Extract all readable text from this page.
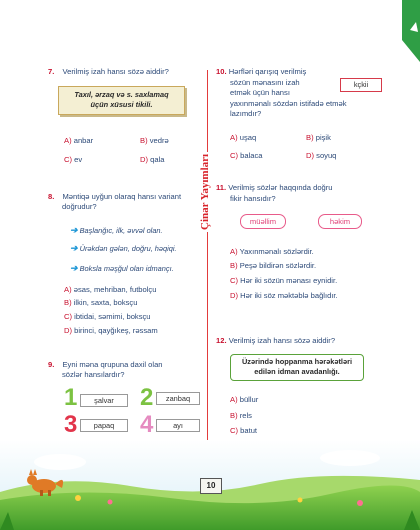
7. Verilmiş izah hansı sözə aiddir?
Taxıl, ərzaq və s. saxlamaq
üçün xüsusi tikili.
A) anbar	B) vedrə
C) ev	D) qala
8. Məntiqə uyğun olaraq hansı variant
doğrudur?
➔ Başlanğıc, ilk, əvvəl olan.
➔ Ürəkdən gələn, doğru, həqiqi.
➔ Boksla məşğul olan idmançı.
A) əsas, mehriban, futbolçu
B) ilkin, saxta, boksçu
C) ibtidai, səmimi, boksçu
D) birinci, qayğıkeş, rəssam
9. Eyni məna qrupuna daxil olan
sözlər hansılardır?
1	şalvar	2	zanbaq
3	papaq	4	ayı
Çinar Yayımları
10. Hərfləri qarışıq verilmiş
sözün mənasını izah
etmək üçün hansı
yaxınmənalı sözdən istifadə etmək
lazımdır?
kçkii
A) uşaq	B) pişik
C) balaca	D) soyuq
11. Verilmiş sözlər haqqında doğru
fikir hansıdır?
müəllim	həkim
A) Yaxınmənalı sözlərdir.
B) Peşə bildirən sözlərdir.
C) Hər iki sözün mənası eynidir.
D) Hər iki söz məktəblə bağlıdır.
12. Verilmiş izah hansı sözə aiddir?
Üzərində hoppanma hərəkətləri
edilən idman avadanlığı.
A) büllur
B) rels
C) batut
10
